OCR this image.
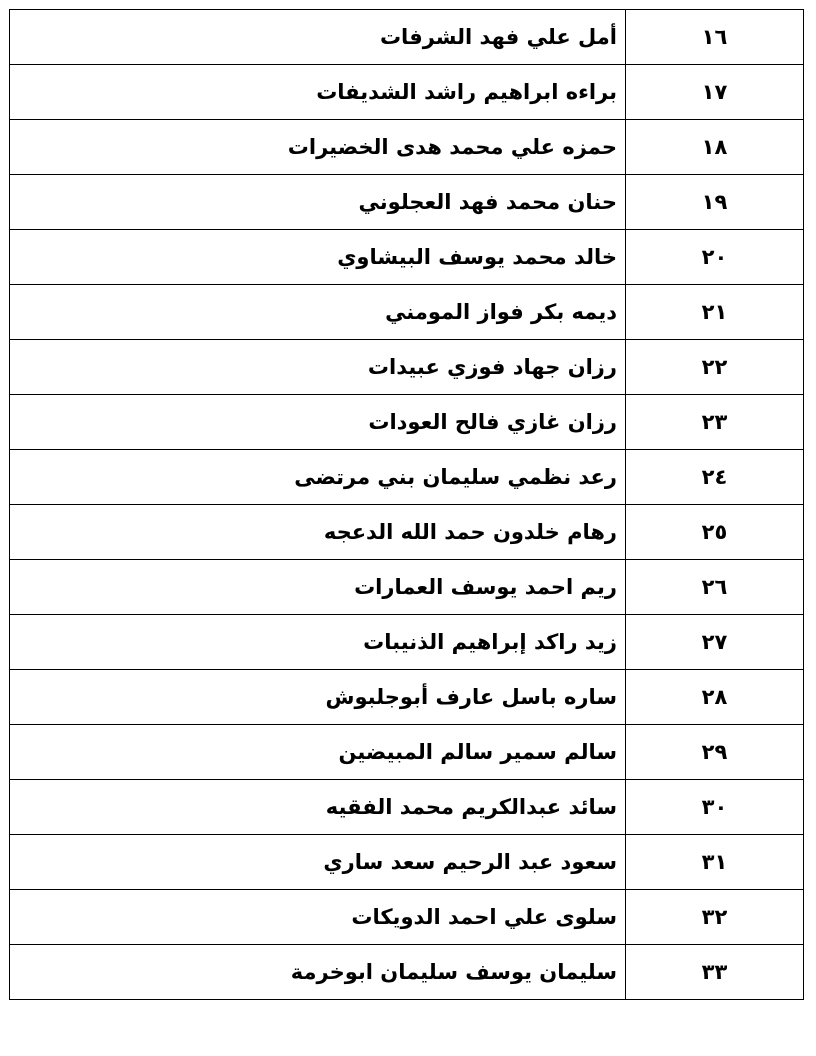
١٦	أمل علي فهد الشرفات
١٧	براءه ابراهيم راشد الشديفات
١٨	حمزه علي محمد هدى الخضيرات
١٩	حنان محمد فهد العجلوني
٢٠	خالد محمد يوسف البيشاوي
٢١	ديمه بكر فواز المومني
٢٢	رزان جهاد فوزي عبيدات
٢٣	رزان غازي فالح العودات
٢٤	رعد نظمي سليمان بني مرتضى
٢٥	رهام خلدون حمد الله الدعجه
٢٦	ريم احمد يوسف العمارات
٢٧	زيد راكد إبراهيم الذنيبات
٢٨	ساره باسل عارف أبوجلبوش
٢٩	سالم سمير سالم المبيضين
٣٠	سائد عبدالكريم محمد الفقيه
٣١	سعود عبد الرحيم سعد ساري
٣٢	سلوى علي احمد الدويكات
٣٣	سليمان يوسف سليمان ابوخرمة
